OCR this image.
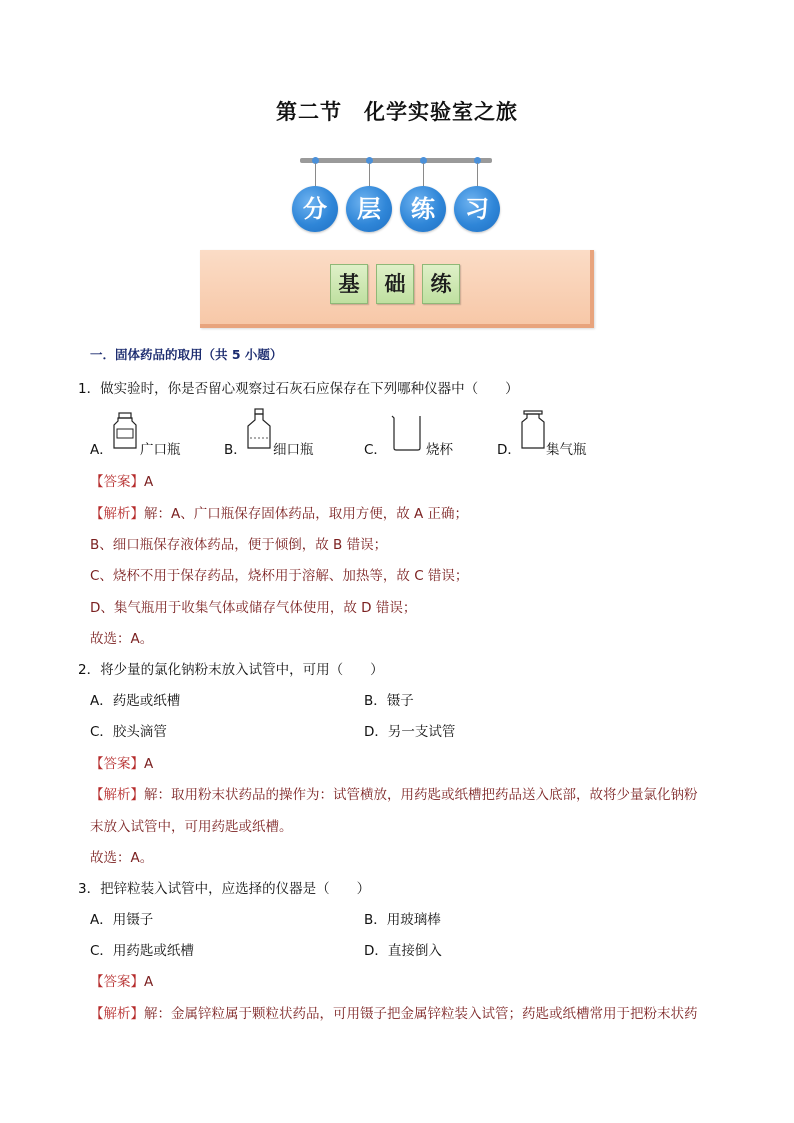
第二节 化学实验室之旅
分	层	练	习
基 础 练
一．固体药品的取用（共 5 小题）
1．做实验时，你是否留心观察过石灰石应保存在下列哪种仪器中（　　）
A． 广口瓶	B． 细口瓶	C．	烧杯	D． 集气瓶
【答案】A
【解析】解：A、广口瓶保存固体药品，取用方便，故 A 正确；
B、细口瓶保存液体药品，便于倾倒，故 B 错误；
C、烧杯不用于保存药品，烧杯用于溶解、加热等，故 C 错误；
D、集气瓶用于收集气体或储存气体使用，故 D 错误；
故选：A。
2．将少量的氯化钠粉末放入试管中，可用（　　）
A．药匙或纸槽	B．镊子
C．胶头滴管	D．另一支试管
【答案】A
【解析】解：取用粉末状药品的操作为：试管横放，用药匙或纸槽把药品送入底部，故将少量氯化钠粉
末放入试管中，可用药匙或纸槽。
故选：A。
3．把锌粒装入试管中，应选择的仪器是（　　）
A．用镊子	B．用玻璃棒
C．用药匙或纸槽	D．直接倒入
【答案】A
【解析】解：金属锌粒属于颗粒状药品，可用镊子把金属锌粒装入试管；药匙或纸槽常用于把粉末状药
